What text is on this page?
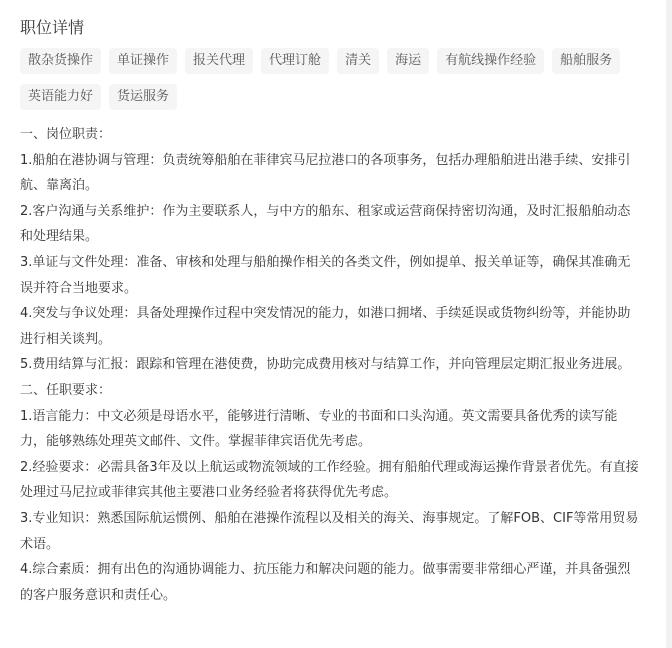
职位详情
散杂货操作	单证操作	报关代理	代理订舱	清关	海运	有航线操作经验	船舶服务
英语能力好	货运服务

一、岗位职责：

1.船舶在港协调与管理：负责统筹船舶在菲律宾马尼拉港口的各项事务，包括办理船舶进出港手续、安排引航、靠离泊。

2.客户沟通与关系维护：作为主要联系人，与中方的船东、租家或运营商保持密切沟通，及时汇报船舶动态和处理结果。

3.单证与文件处理：准备、审核和处理与船舶操作相关的各类文件，例如提单、报关单证等，确保其准确无误并符合当地要求。

4.突发与争议处理：具备处理操作过程中突发情况的能力，如港口拥堵、手续延误或货物纠纷等，并能协助进行相关谈判。

5.费用结算与汇报：跟踪和管理在港使费，协助完成费用核对与结算工作，并向管理层定期汇报业务进展。

二、任职要求：

1.语言能力：中文必须是母语水平，能够进行清晰、专业的书面和口头沟通。英文需要具备优秀的读写能力，能够熟练处理英文邮件、文件。掌握菲律宾语优先考虑。

2.经验要求：必需具备3年及以上航运或物流领域的工作经验。拥有船舶代理或海运操作背景者优先。有直接处理过马尼拉或菲律宾其他主要港口业务经验者将获得优先考虑。

3.专业知识：熟悉国际航运惯例、船舶在港操作流程以及相关的海关、海事规定。了解FOB、CIF等常用贸易术语。

4.综合素质：拥有出色的沟通协调能力、抗压能力和解决问题的能力。做事需要非常细心严谨，并具备强烈的客户服务意识和责任心。
